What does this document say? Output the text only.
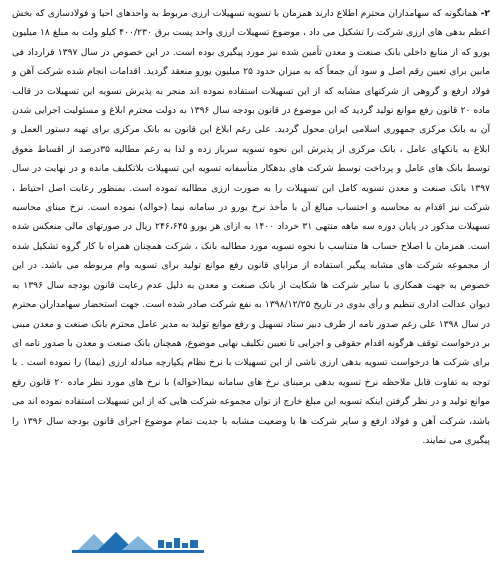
۲- همانگونه که سهامداران محترم اطلاع دارند همزمان با تسویه تسهیلات ارزی مربوط به واحدهای احیا و فولادسازی که بخش اعظم بدهی های ارزی شرکت را تشکیل می داد ، موضوع تسهیلات ارزی واحد پست برق ۴۰۰/۲۳۰ کیلو ولت به مبلغ ۱۸ میلیون یورو که از منابع داخلی بانک صنعت و معدن تأمین شده نیز مورد پیگیری بوده است. در این خصوص در سال ۱۳۹۷ قرارداد فی مابین برای تعیین رقم اصل و سود آن جمعاً که به میزان حدود ۲۵ میلیون یورو منعقد گردید. اقدامات انجام شده شرکت آهن و فولاد ارفع و گروهی از شرکتهای مشابه که از این تسهیلات استفاده نموده اند منجر به پذیرش تسویه این تسهیلات در قالب ماده ۲۰ قانون رفع موانع تولید گردید که این موضوع در قانون بودجه سال ۱۳۹۶ به دولت محترم ابلاغ و مسئولیت اجرایی شدن آن به بانک مرکزی جمهوری اسلامی ایران محول گردید. علی رغم ابلاغ این قانون به بانک مرکزی برای تهیه دستور العمل و ابلاغ به بانکهای عامل ، بانک مرکزی از پذیرش این نحوه تسویه سرباز زده و لذا به رغم مطالبه ۳۵درصد از اقساط معوق توسط بانک های عامل و پرداخت توسط شرکت های بدهکار متأسفانه تسویه این تسهیلات بلاتکلیف مانده و در نهایت در سال ۱۳۹۷ بانک صنعت و معدن تسویه کامل این تسهیلات را به صورت ارزی مطالبه نموده است. بمنظور رعایت اصل احتیاط ، شرکت نیز اقدام به محاسبه و احتساب مبالغ آن با مأخذ نرخ یورو در سامانه نیما (حواله) نموده است. نرخ مبنای محاسبه تسهیلات مذکور در پایان دوره سه ماهه منتهی ۳۱ خرداد ۱۴۰۰ به ازای هر یورو ۲۴۶،۶۴۵ ریال در صورتهای مالی منعکس شده است. همزمان با اصلاح حساب ها متناسب با نحوه تسویه مورد مطالبه بانک ، شرکت همچنان همراه با کار گروه تشکیل شده از مجموعه شرکت های مشابه پیگیر استفاده از مزایای قانون رفع موانع تولید برای تسویه وام مربوطه می باشد. در این خصوص به جهت همکاری با سایر شرکت ها شکایت از بانک صنعت و معدن به دلیل عدم رعایت قانون بودجه سال ۱۳۹۶ به دیوان عدالت اداری تنظیم و رأی بدوی در تاریخ ۱۳۹۸/۱۲/۲۵ به نفع شرکت صادر شده است. جهت استحضار سهامداران محترم در سال ۱۳۹۸ علی رغم صدور نامه از طرف دبیر ستاد تسهیل و رفع موانع تولید به مدیر عامل محترم بانک صنعت و معدن مبنی بر درخواست توقف هرگونه اقدام حقوقی و اجرایی تا تعیین تکلیف نهایی موضوع، همچنان بانک صنعت و معدن با صدور نامه ای برای شرکت ها درخواست تسویه بدهی ارزی ناشی از این تسهیلات با نرخ نظام یکپارچه مبادله ارزی (نیما) را نموده است . با توجه به تفاوت قابل ملاحظه نرخ تسویه بدهی برمبنای نرخ های سامانه نیما(حواله) با نرخ های مورد نظر ماده ۲۰ قانون رفع موانع تولید و در نظر گرفتن اینکه تسویه این مبلغ خارج از توان مجموعه شرکت هایی که از این تسهیلات استفاده نموده اند می باشد، شرکت آهن و فولاد ارفع و سایر شرکت ها با وضعیت مشابه با جدیت تمام موضوع اجرای قانون بودجه سال ۱۳۹۶ را پیگیری می نمایند.
